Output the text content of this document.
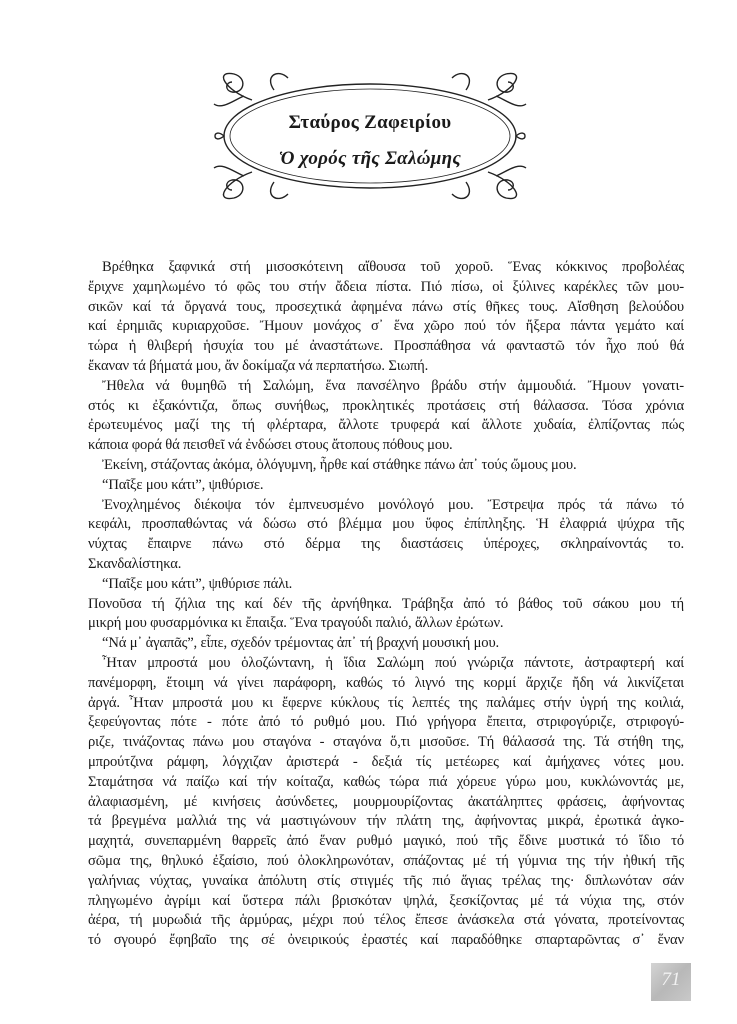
Σταύρος Ζαφειρίου
Ὁ χορός τῆς Σαλώμης
Βρέθηκα ξαφνικά στή μισοσκότεινη αἴθουσα τοῦ χοροῦ. Ἕνας κόκκινος προβολέας
ἔριχνε χαμηλωμένο τό φῶς του στήν ἄδεια πίστα. Πιό πίσω, οἱ ξύλινες καρέκλες τῶν μου-
σικῶν καί τά ὄργανά τους, προσεχτικά ἀφημένα πάνω στίς θῆκες τους. Αἴσθηση βελούδου
καί ἐρημιᾶς κυριαρχοῦσε. Ἤμουν μονάχος σ᾽ ἕνα χῶρο πού τόν ἤξερα πάντα γεμάτο καί
τώρα ἡ θλιβερή ἡσυχία του μέ ἀναστάτωνε. Προσπάθησα νά φανταστῶ τόν ἦχο πού θά
ἔκαναν τά βήματά μου, ἄν δοκίμαζα νά περπατήσω. Σιωπή.
Ἤθελα νά θυμηθῶ τή Σαλώμη, ἕνα πανσέληνο βράδυ στήν ἀμμουδιά. Ἤμουν γονατι-
στός κι ἐξακόντιζα, ὅπως συνήθως, προκλητικές προτάσεις στή θάλασσα. Τόσα χρόνια
ἐρωτευμένος μαζί της τή φλέρταρα, ἄλλοτε τρυφερά καί ἄλλοτε χυδαία, ἐλπίζοντας πώς
κάποια φορά θά πεισθεῖ νά ἐνδώσει στους ἄτοπους πόθους μου.
Ἐκείνη, στάζοντας ἀκόμα, ὁλόγυμνη, ἦρθε καί στάθηκε πάνω ἀπ᾽ τούς ὤμους μου.
“Παῖξε μου κάτι”, ψιθύρισε.
Ἐνοχλημένος διέκοψα τόν ἐμπνευσμένο μονόλογό μου. Ἔστρεψα πρός τά πάνω τό
κεφάλι, προσπαθώντας νά δώσω στό βλέμμα μου ὕφος ἐπίπληξης. Ἡ ἐλαφριά ψύχρα τῆς
νύχτας ἔπαιρνε πάνω στό δέρμα της διαστάσεις ὑπέροχες, σκληραίνοντάς το.
Σκανδαλίστηκα.
“Παῖξε μου κάτι”, ψιθύρισε πάλι.
Πονοῦσα τή ζήλια της καί δέν τῆς ἀρνήθηκα. Τράβηξα ἀπό τό βάθος τοῦ σάκου μου τή
μικρή μου φυσαρμόνικα κι ἔπαιξα. Ἕνα τραγούδι παλιό, ἄλλων ἐρώτων.
“Νά μ᾽ ἀγαπᾶς”, εἶπε, σχεδόν τρέμοντας ἀπ᾽ τή βραχνή μουσική μου.
Ἦταν μπροστά μου ὁλοζώντανη, ἡ ἴδια Σαλώμη πού γνώριζα πάντοτε, ἀστραφτερή καί
πανέμορφη, ἕτοιμη νά γίνει παράφορη, καθώς τό λιγνό της κορμί ἄρχιζε ἤδη νά λικνίζεται
ἀργά. Ἦταν μπροστά μου κι ἔφερνε κύκλους τίς λεπτές της παλάμες στήν ὑγρή της κοιλιά,
ξεφεύγοντας πότε - πότε ἀπό τό ρυθμό μου. Πιό γρήγορα ἔπειτα, στριφογύριζε, στριφογύ-
ριζε, τινάζοντας πάνω μου σταγόνα - σταγόνα ὅ,τι μισοῦσε. Τή θάλασσά της. Τά στήθη της,
μπρούτζινα ράμφη, λόγχιζαν ἀριστερά - δεξιά τίς μετέωρες καί ἀμήχανες νότες μου.
Σταμάτησα νά παίζω καί τήν κοίταζα, καθώς τώρα πιά χόρευε γύρω μου, κυκλώνοντάς με,
ἀλαφιασμένη, μέ κινήσεις ἀσύνδετες, μουρμουρίζοντας ἀκατάληπτες φράσεις, ἀφήνοντας
τά βρεγμένα μαλλιά της νά μαστιγώνουν τήν πλάτη της, ἀφήνοντας μικρά, ἐρωτικά ἀγκο-
μαχητά, συνεπαρμένη θαρρεῖς ἀπό ἕναν ρυθμό μαγικό, πού τῆς ἔδινε μυστικά τό ἴδιο τό
σῶμα της, θηλυκό ἐξαίσιο, πού ὁλοκληρωνόταν, σπάζοντας μέ τή γύμνια της τήν ἠθική τῆς
γαλήνιας νύχτας, γυναίκα ἀπόλυτη στίς στιγμές τῆς πιό ἅγιας τρέλας της· διπλωνόταν σάν
πληγωμένο ἀγρίμι καί ὕστερα πάλι βρισκόταν ψηλά, ξεσκίζοντας μέ τά νύχια της, στόν
ἀέρα, τή μυρωδιά τῆς ἁρμύρας, μέχρι πού τέλος ἔπεσε ἀνάσκελα στά γόνατα, προτείνοντας
τό σγουρό ἔφηβαῖο της σέ ὀνειρικούς ἐραστές καί παραδόθηκε σπαρταρῶντας σ᾽ ἕναν
71
